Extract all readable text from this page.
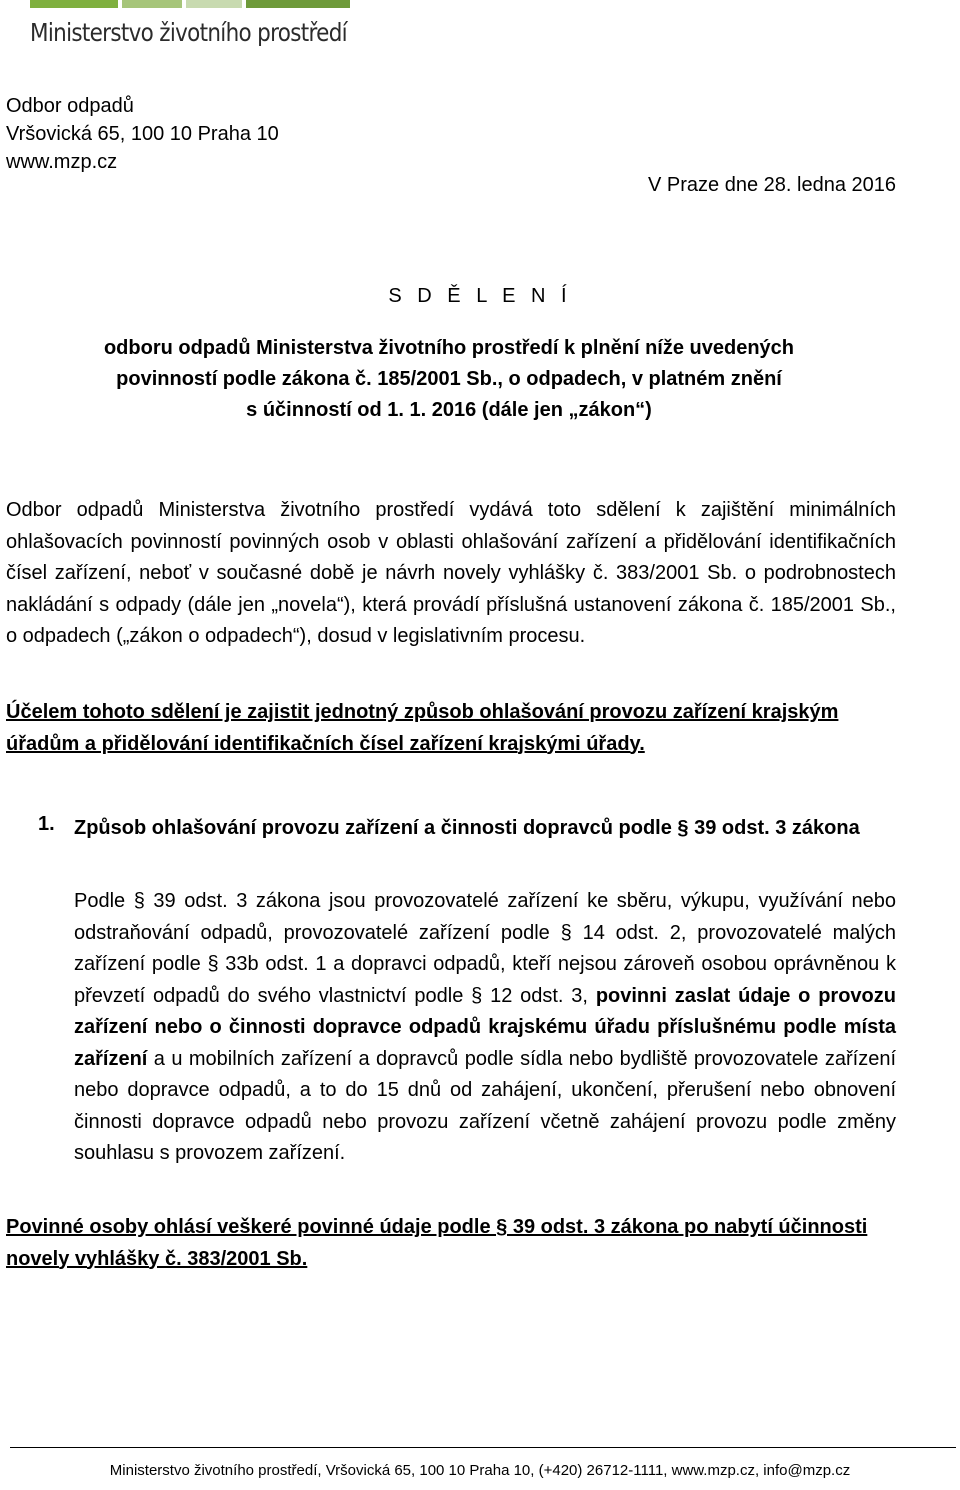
Ministerstvo životního prostředí
Odbor odpadů
Vršovická 65, 100 10 Praha 10
www.mzp.cz
V Praze dne 28. ledna 2016
S D Ě L E N Í
odboru odpadů Ministerstva životního prostředí k plnění níže uvedených
povinností podle zákona č. 185/2001 Sb., o odpadech, v platném znění
s účinností od 1. 1. 2016 (dále jen „zákon“)
Odbor odpadů Ministerstva životního prostředí vydává toto sdělení k zajištění minimálních ohlašovacích povinností povinných osob v oblasti ohlašování zařízení a přidělování identifikačních čísel zařízení, neboť v současné době je návrh novely vyhlášky č. 383/2001 Sb. o podrobnostech nakládání s odpady (dále jen „novela“), která provádí příslušná ustanovení zákona č. 185/2001 Sb., o odpadech („zákon o odpadech“), dosud v legislativním procesu.
Účelem tohoto sdělení je zajistit jednotný způsob ohlašování provozu zařízení krajským úřadům a přidělování identifikačních čísel zařízení krajskými úřady.
1. Způsob ohlašování provozu zařízení a činnosti dopravců podle § 39 odst. 3 zákona
Podle § 39 odst. 3 zákona jsou provozovatelé zařízení ke sběru, výkupu, využívání nebo odstraňování odpadů, provozovatelé zařízení podle § 14 odst. 2, provozovatelé malých zařízení podle § 33b odst. 1 a dopravci odpadů, kteří nejsou zároveň osobou oprávněnou k převzetí odpadů do svého vlastnictví podle § 12 odst. 3, povinni zaslat údaje o provozu zařízení nebo o činnosti dopravce odpadů krajskému úřadu příslušnému podle místa zařízení a u mobilních zařízení a dopravců podle sídla nebo bydliště provozovatele zařízení nebo dopravce odpadů, a to do 15 dnů od zahájení, ukončení, přerušení nebo obnovení činnosti dopravce odpadů nebo provozu zařízení včetně zahájení provozu podle změny souhlasu s provozem zařízení.
Povinné osoby ohlásí veškeré povinné údaje podle § 39 odst. 3 zákona po nabytí účinnosti novely vyhlášky č. 383/2001 Sb.
Ministerstvo životního prostředí, Vršovická 65, 100 10 Praha 10, (+420) 26712-1111, www.mzp.cz, info@mzp.cz
